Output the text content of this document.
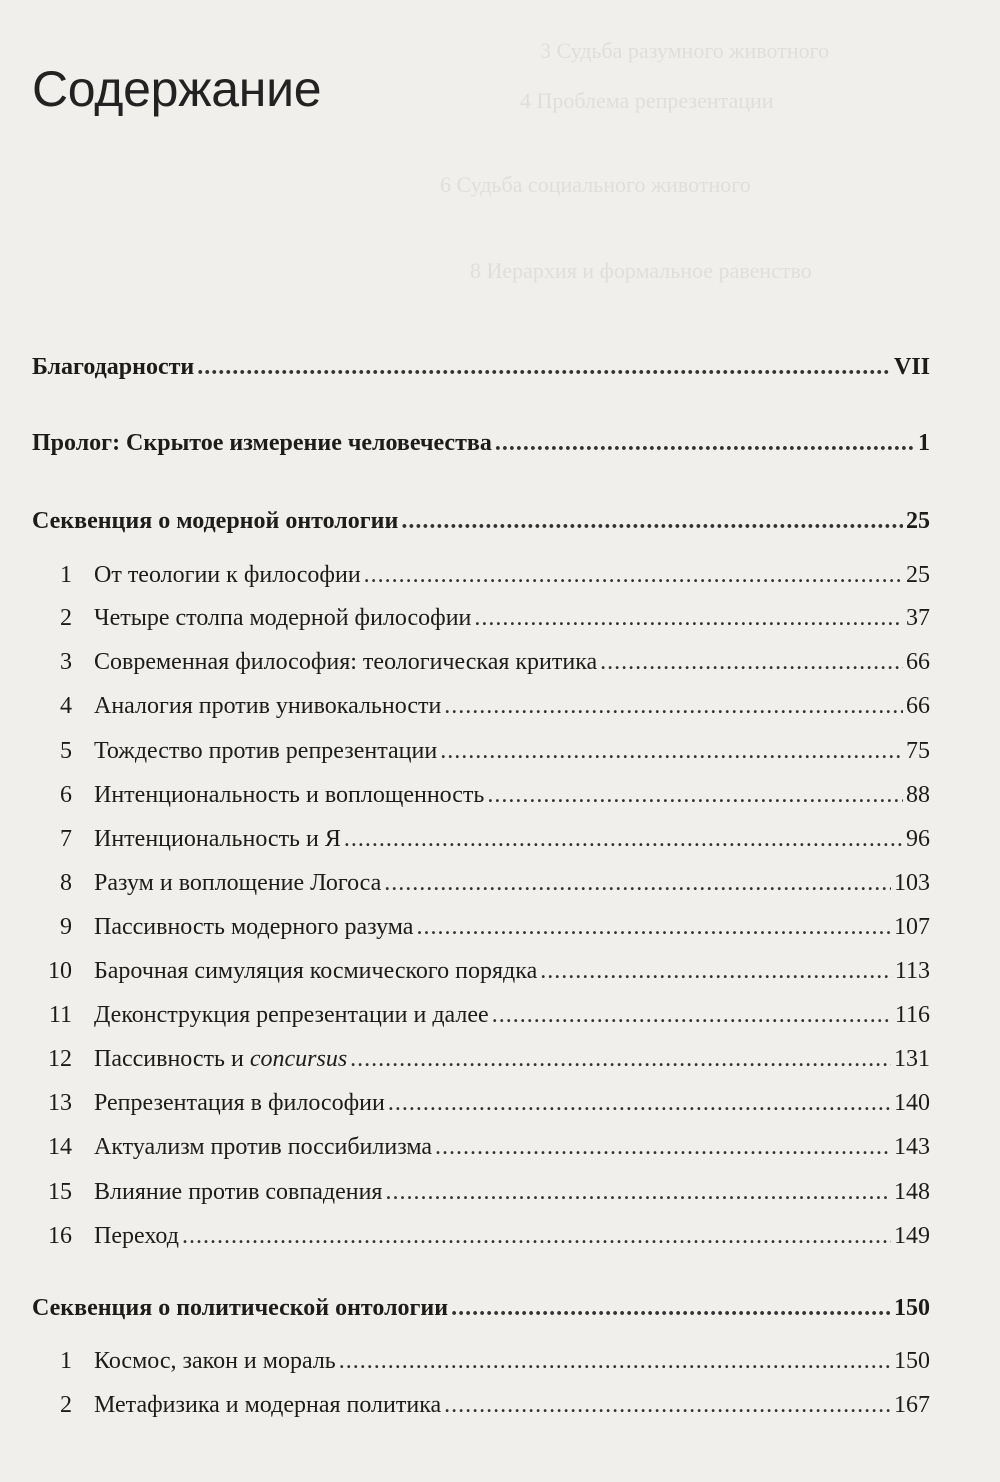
3 Судьба разумного животного
4 Проблема репрезентации
6 Судьба социального животного
8 Иерархия и формальное равенство
Содержание
Благодарности .....	VII
Пролог: Скрытое измерение человечества .....	1
Секвенция о модерной онтологии .....	25
1 От теологии к философии .....	25
2 Четыре столпа модерной философии .....	37
3 Современная философия: теологическая критика .....	66
4 Аналогия против унивокальности .....	66
5 Тождество против репрезентации .....	75
6 Интенциональность и воплощенность .....	88
7 Интенциональность и Я .....	96
8 Разум и воплощение Логоса .....	103
9 Пассивность модерного разума .....	107
10 Барочная симуляция космического порядка .....	113
11 Деконструкция репрезентации и далее .....	116
12 Пассивность и concursus .....	131
13 Репрезентация в философии .....	140
14 Актуализм против поссибилизма .....	143
15 Влияние против совпадения .....	148
16 Переход .....	149
Секвенция о политической онтологии .....	150
1 Космос, закон и мораль .....	150
2 Метафизика и модерная политика .....	167
